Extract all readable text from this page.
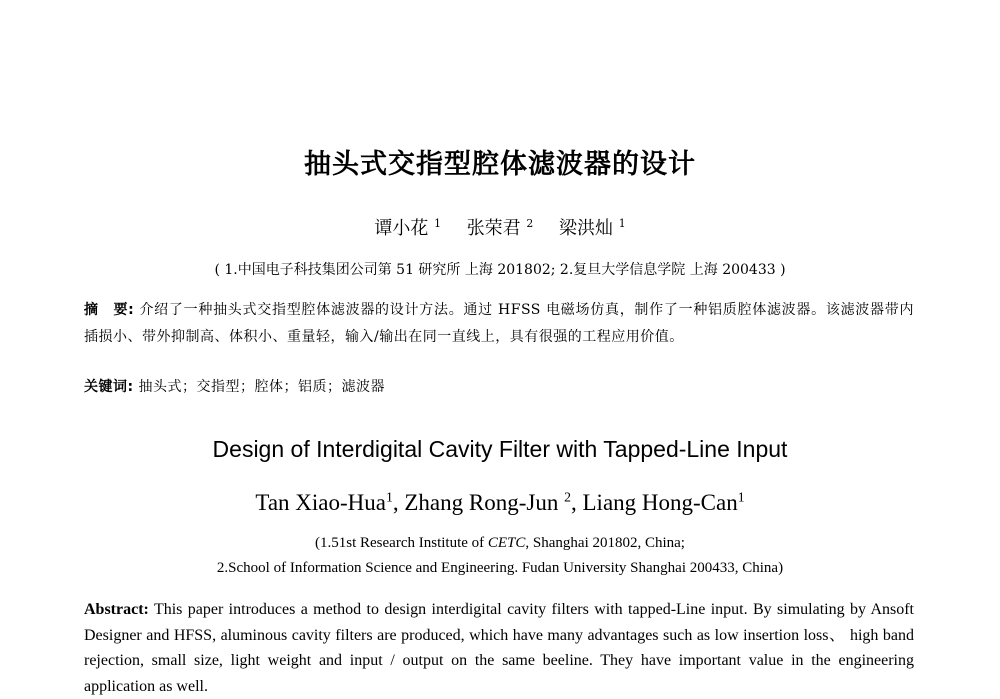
抽头式交指型腔体滤波器的设计
谭小花 $^1$ 张荣君 $^2$ 梁洪灿 $^1$
( 1.中国电子科技集团公司第 51 研究所 上海 201802; 2.复旦大学信息学院 上海 200433 )
摘　要: 介绍了一种抽头式交指型腔体滤波器的设计方法。通过 HFSS 电磁场仿真，制作了一种铝质腔体滤波器。该滤波器带内插损小、带外抑制高、体积小、重量轻，输入/输出在同一直线上，具有很强的工程应用价值。
关键词: 抽头式；交指型；腔体；铝质；滤波器
Design of Interdigital Cavity Filter with Tapped-Line Input
Tan Xiao-Hua$^1$, Zhang Rong-Jun $^2$, Liang Hong-Can$^1$
(1.51st Research Institute of CETC, Shanghai 201802, China;
2.School of Information Science and Engineering. Fudan University Shanghai 200433, China)
Abstract: This paper introduces a method to design interdigital cavity filters with tapped-Line input. By simulating by Ansoft Designer and HFSS, aluminous cavity filters are produced, which have many advantages such as low insertion loss、 high band rejection, small size, light weight and input / output on the same beeline. They have important value in the engineering application as well.
